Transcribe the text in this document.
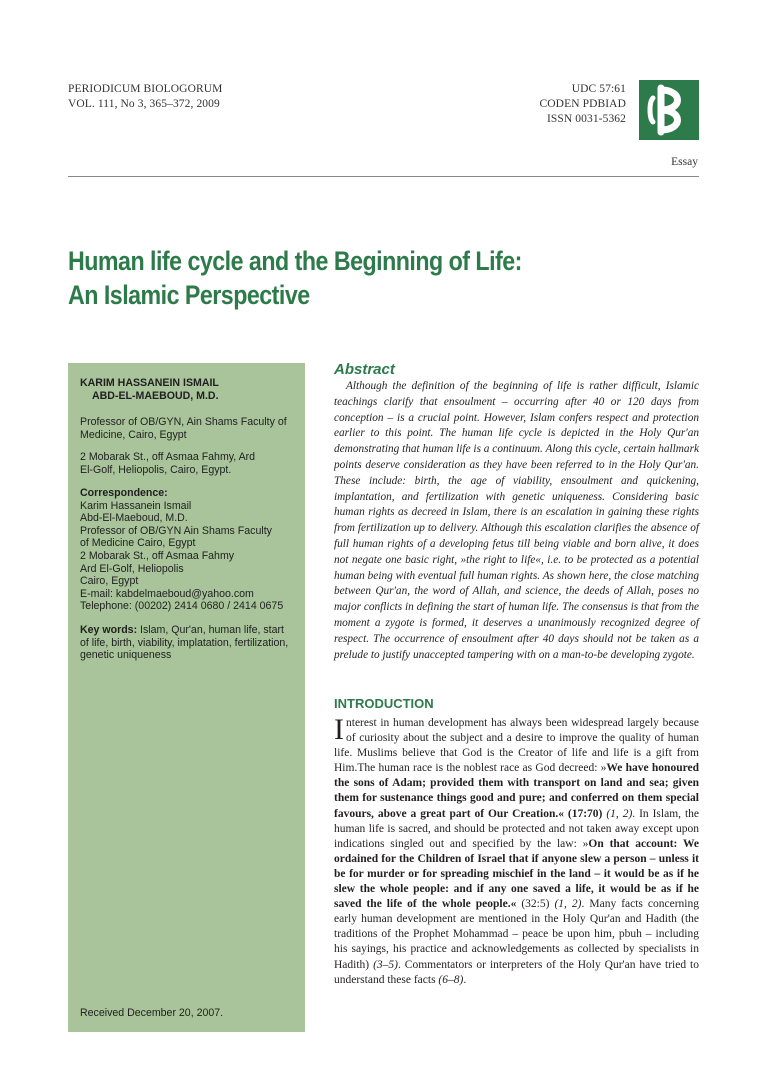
PERIODICUM BIOLOGORUM
VOL. 111, No 3, 365–372, 2009
UDC 57:61
CODEN PDBIAD
ISSN 0031-5362
Essay
Human life cycle and the Beginning of Life:
An Islamic Perspective
KARIM HASSANEIN ISMAIL
ABD-EL-MAEBOUD, M.D.
Professor of OB/GYN, Ain Shams Faculty of
Medicine, Cairo, Egypt
2 Mobarak St., off Asmaa Fahmy, Ard
El-Golf, Heliopolis, Cairo, Egypt.
Correspondence:
Karim Hassanein Ismail
Abd-El-Maeboud, M.D.
Professor of OB/GYN Ain Shams Faculty
of Medicine Cairo, Egypt
2 Mobarak St., off Asmaa Fahmy
Ard El-Golf, Heliopolis
Cairo, Egypt
E-mail: kabdelmaeboud@yahoo.com
Telephone: (00202) 2414 0680 / 2414 0675
Key words: Islam, Qur'an, human life, start
of life, birth, viability, implatation, fertilization,
genetic uniqueness
Received December 20, 2007.
Abstract
Although the definition of the beginning of life is rather difficult, Islamic teachings clarify that ensoulment – occurring after 40 or 120 days from conception – is a crucial point. However, Islam confers respect and protection earlier to this point. The human life cycle is depicted in the Holy Qur'an demonstrating that human life is a continuum. Along this cycle, certain hallmark points deserve consideration as they have been referred to in the Holy Qur'an. These include: birth, the age of viability, ensoulment and quickening, implantation, and fertilization with genetic uniqueness. Considering basic human rights as decreed in Islam, there is an escalation in gaining these rights from fertilization up to delivery. Although this escalation clarifies the absence of full human rights of a developing fetus till being viable and born alive, it does not negate one basic right, »the right to life«, i.e. to be protected as a potential human being with eventual full human rights. As shown here, the close matching between Qur'an, the word of Allah, and science, the deeds of Allah, poses no major conflicts in defining the start of human life. The consensus is that from the moment a zygote is formed, it deserves a unanimously recognized degree of respect. The occurrence of ensoulment after 40 days should not be taken as a prelude to justify unaccepted tampering with on a man-to-be developing zygote.
INTRODUCTION
Interest in human development has always been widespread largely because of curiosity about the subject and a desire to improve the quality of human life. Muslims believe that God is the Creator of life and life is a gift from Him.The human race is the noblest race as God decreed: »We have honoured the sons of Adam; provided them with transport on land and sea; given them for sustenance things good and pure; and conferred on them special favours, above a great part of Our Creation.« (17:70) (1, 2). In Islam, the human life is sacred, and should be protected and not taken away except upon indications singled out and specified by the law: »On that account: We ordained for the Children of Israel that if anyone slew a person – unless it be for murder or for spreading mischief in the land – it would be as if he slew the whole people: and if any one saved a life, it would be as if he saved the life of the whole people.« (32:5) (1, 2). Many facts concerning early human development are mentioned in the Holy Qur'an and Hadith (the traditions of the Prophet Mohammad – peace be upon him, pbuh – including his sayings, his practice and acknowledgements as collected by specialists in Hadith) (3–5). Commentators or interpreters of the Holy Qur'an have tried to understand these facts (6–8).
